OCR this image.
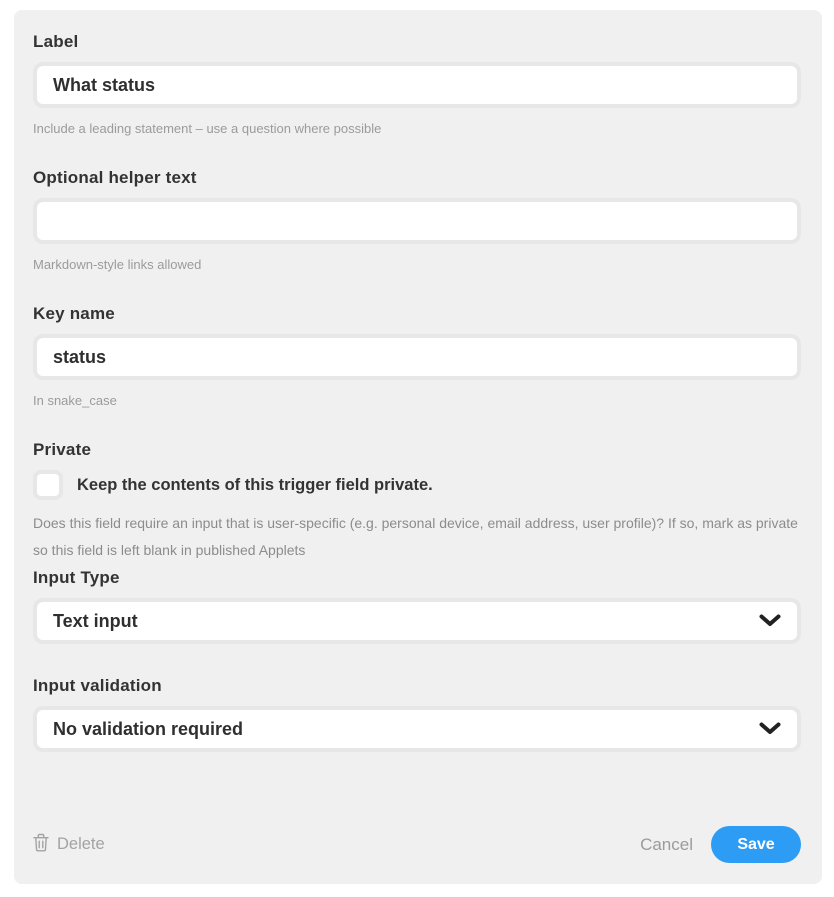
Label
What status
Include a leading statement – use a question where possible
Optional helper text
Markdown-style links allowed
Key name
status
In snake_case
Private
Keep the contents of this trigger field private.
Does this field require an input that is user-specific (e.g. personal device, email address, user profile)? If so, mark as private so this field is left blank in published Applets
Input Type
Text input
Input validation
No validation required
Delete	Cancel	Save
